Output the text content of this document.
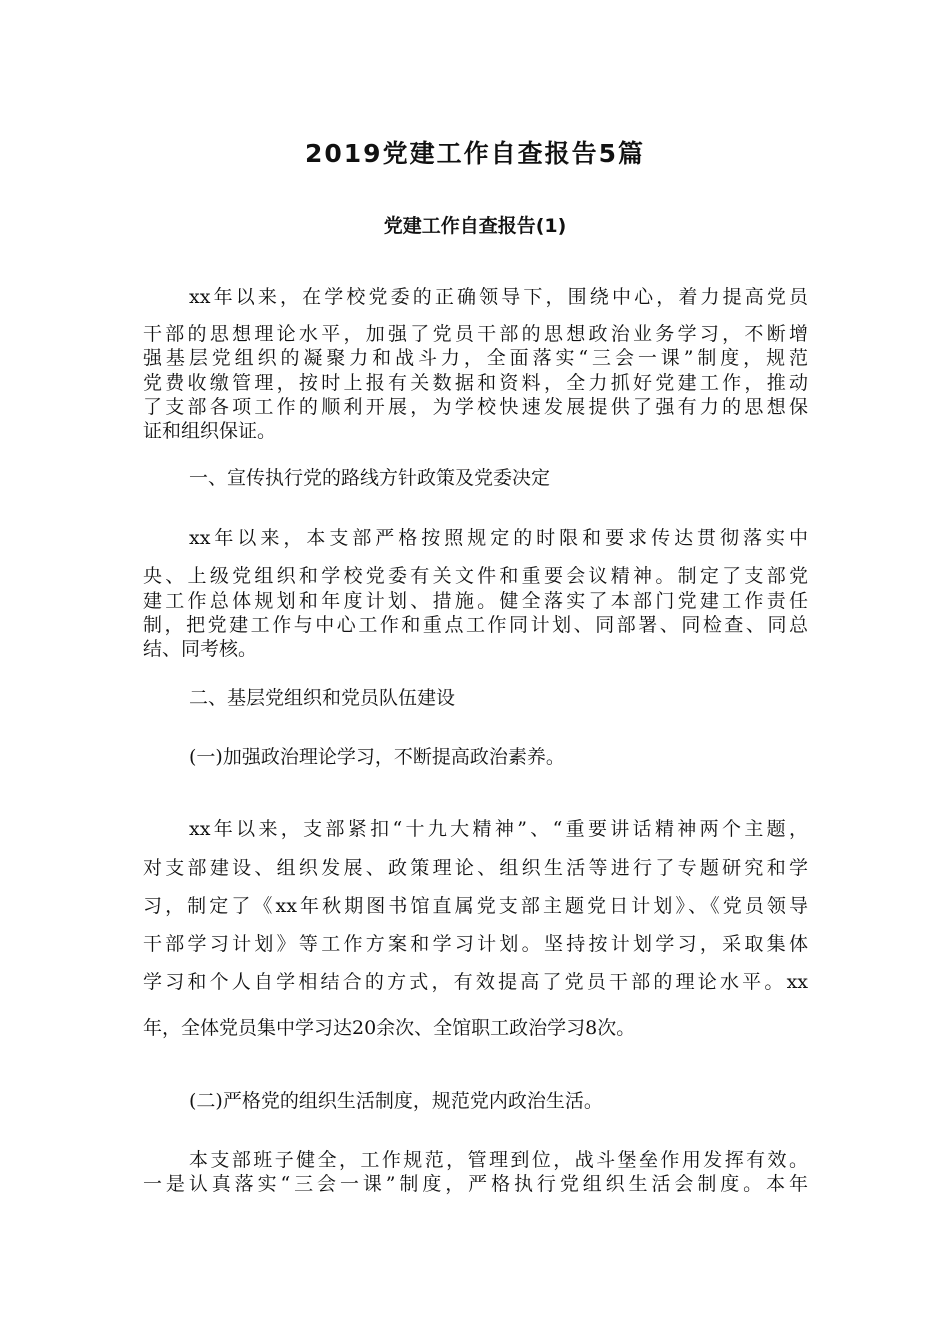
2019党建工作自查报告5篇
党建工作自查报告(1)
xx年以来，在学校党委的正确领导下，围绕中心，着力提高党员
干部的思想理论水平，加强了党员干部的思想政治业务学习，不断增
强基层党组织的凝聚力和战斗力，全面落实“三会一课”制度，规范
党费收缴管理，按时上报有关数据和资料，全力抓好党建工作，推动
了支部各项工作的顺利开展，为学校快速发展提供了强有力的思想保
证和组织保证。
一、宣传执行党的路线方针政策及党委决定
xx年以来，本支部严格按照规定的时限和要求传达贯彻落实中
央、上级党组织和学校党委有关文件和重要会议精神。制定了支部党
建工作总体规划和年度计划、措施。健全落实了本部门党建工作责任
制，把党建工作与中心工作和重点工作同计划、同部署、同检查、同总
结、同考核。
二、基层党组织和党员队伍建设
(一)加强政治理论学习，不断提高政治素养。
xx年以来，支部紧扣“十九大精神”、“重要讲话精神两个主题，
对支部建设、组织发展、政策理论、组织生活等进行了专题研究和学
习，制定了《xx年秋期图书馆直属党支部主题党日计划》、《党员领导
干部学习计划》等工作方案和学习计划。坚持按计划学习，采取集体
学习和个人自学相结合的方式，有效提高了党员干部的理论水平。xx
年，全体党员集中学习达20余次、全馆职工政治学习8次。
(二)严格党的组织生活制度，规范党内政治生活。
本支部班子健全，工作规范，管理到位，战斗堡垒作用发挥有效。
一是认真落实“三会一课”制度，严格执行党组织生活会制度。本年
